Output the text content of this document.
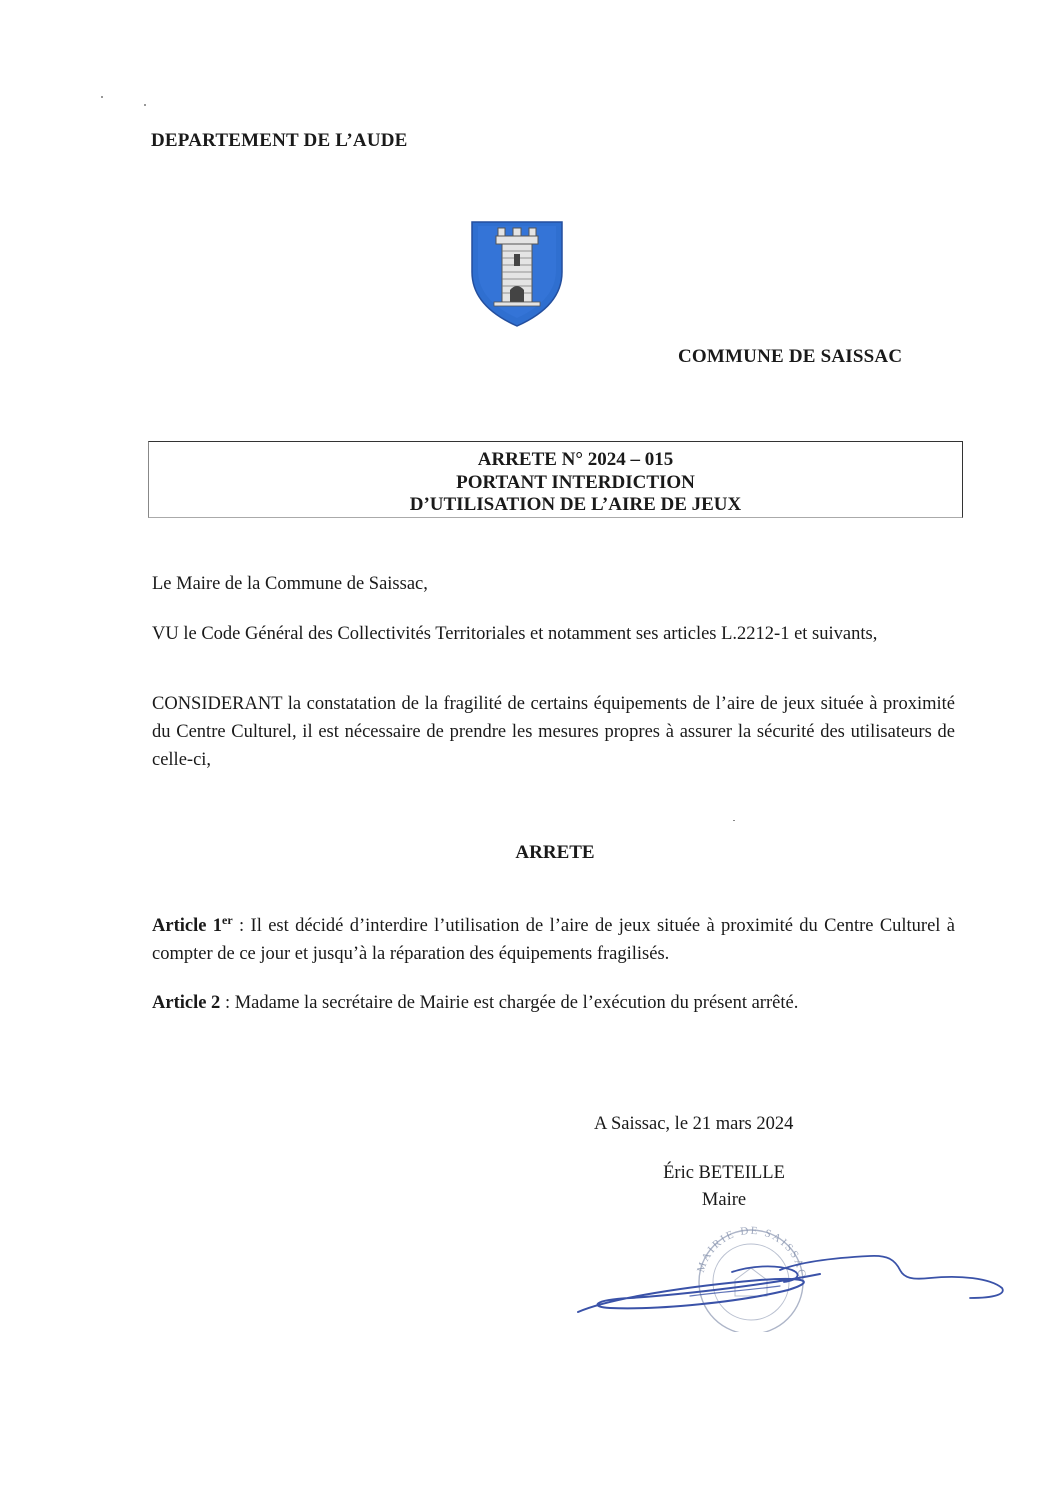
DEPARTEMENT DE L’AUDE
COMMUNE DE SAISSAC
ARRETE N° 2024 – 015
PORTANT INTERDICTION
D’UTILISATION DE L’AIRE DE JEUX
Le Maire de la Commune de Saissac,
VU le Code Général des Collectivités Territoriales et notamment ses articles L.2212-1 et suivants,
CONSIDERANT la constatation de la fragilité de certains équipements de l’aire de jeux située à proximité du Centre Culturel, il est nécessaire de prendre les mesures propres à assurer la sécurité des utilisateurs de celle-ci,
ARRETE
Article 1er : Il est décidé d’interdire l’utilisation de l’aire de jeux située à proximité du Centre Culturel à compter de ce jour et jusqu’à la réparation des équipements fragilisés.
Article 2 : Madame la secrétaire de Mairie est chargée de l’exécution du présent arrêté.
A Saissac, le 21 mars 2024
Éric BETEILLE
Maire
MAIRIE DE SAISSAC
